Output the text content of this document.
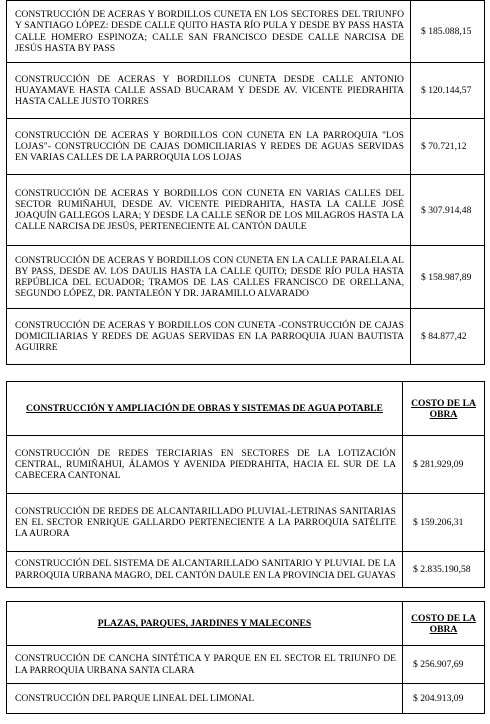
CONSTRUCCIÓN DE ACERAS Y BORDILLOS CUNETA EN LOS SECTORES DEL TRIUNFO Y SANTIAGO LÓPEZ: DESDE CALLE QUITO HASTA RÍO PULA Y DESDE BY PASS HASTA CALLE HOMERO ESPINOZA; CALLE SAN FRANCISCO DESDE CALLE NARCISA DE JESÚS HASTA BY PASS	$ 185.088,15
CONSTRUCCIÓN DE ACERAS Y BORDILLOS CUNETA DESDE CALLE ANTONIO HUAYAMAVE HASTA CALLE ASSAD BUCARAM Y DESDE AV. VICENTE PIEDRAHITA HASTA CALLE JUSTO TORRES	$ 120.144,57
CONSTRUCCIÓN DE ACERAS Y BORDILLOS CON CUNETA EN LA PARROQUIA "LOS LOJAS"- CONSTRUCCIÓN DE CAJAS DOMICILIARIAS Y REDES DE AGUAS SERVIDAS EN VARIAS CALLES DE LA PARROQUIA LOS LOJAS	$ 70.721,12
CONSTRUCCIÓN DE ACERAS Y BORDILLOS CON CUNETA EN VARIAS CALLES DEL SECTOR RUMIÑAHUI, DESDE AV. VICENTE PIEDRAHITA, HASTA LA CALLE JOSÉ JOAQUÍN GALLEGOS LARA; Y DESDE LA CALLE SEÑOR DE LOS MILAGROS HASTA LA CALLE NARCISA DE JESÚS, PERTENECIENTE AL CANTÓN DAULE	$ 307.914,48
CONSTRUCCIÓN DE ACERAS Y BORDILLOS CON CUNETA EN LA CALLE PARALELA AL BY PASS, DESDE AV. LOS DAULIS HASTA LA CALLE QUITO; DESDE RÍO PULA HASTA REPÚBLICA DEL ECUADOR; TRAMOS DE LAS CALLES FRANCISCO DE ORELLANA, SEGUNDO LÓPEZ, DR. PANTALEÓN Y DR. JARAMILLO ALVARADO	$ 158.987,89
CONSTRUCCIÓN DE ACERAS Y BORDILLOS CON CUNETA -CONSTRUCCIÓN DE CAJAS DOMICILIARIAS Y REDES DE AGUAS SERVIDAS EN LA PARROQUIA JUAN BAUTISTA AGUIRRE	$ 84.877,42
CONSTRUCCIÓN Y AMPLIACIÓN DE OBRAS Y SISTEMAS DE AGUA POTABLE	COSTO DE LA OBRA
CONSTRUCCIÓN DE REDES TERCIARIAS EN SECTORES DE LA LOTIZACIÓN CENTRAL, RUMIÑAHUI, ÁLAMOS Y AVENIDA PIEDRAHITA, HACIA EL SUR DE LA CABECERA CANTONAL	$ 281.929,09
CONSTRUCCIÓN DE REDES DE ALCANTARILLADO PLUVIAL-LETRINAS SANITARIAS EN EL SECTOR ENRIQUE GALLARDO PERTENECIENTE A LA PARROQUIA SATÉLITE LA AURORA	$ 159.206,31
CONSTRUCCIÓN DEL SISTEMA DE ALCANTARILLADO SANITARIO Y PLUVIAL DE LA PARROQUIA URBANA MAGRO, DEL CANTÓN DAULE EN LA PROVINCIA DEL GUAYAS	$ 2.835.190,58
PLAZAS, PARQUES, JARDINES Y MALECONES	COSTO DE LA OBRA
CONSTRUCCIÓN DE CANCHA SINTÉTICA Y PARQUE EN EL SECTOR EL TRIUNFO DE LA PARROQUIA URBANA SANTA CLARA	$ 256.907,69
CONSTRUCCIÓN DEL PARQUE LINEAL DEL LIMONAL	$ 204.913,09
